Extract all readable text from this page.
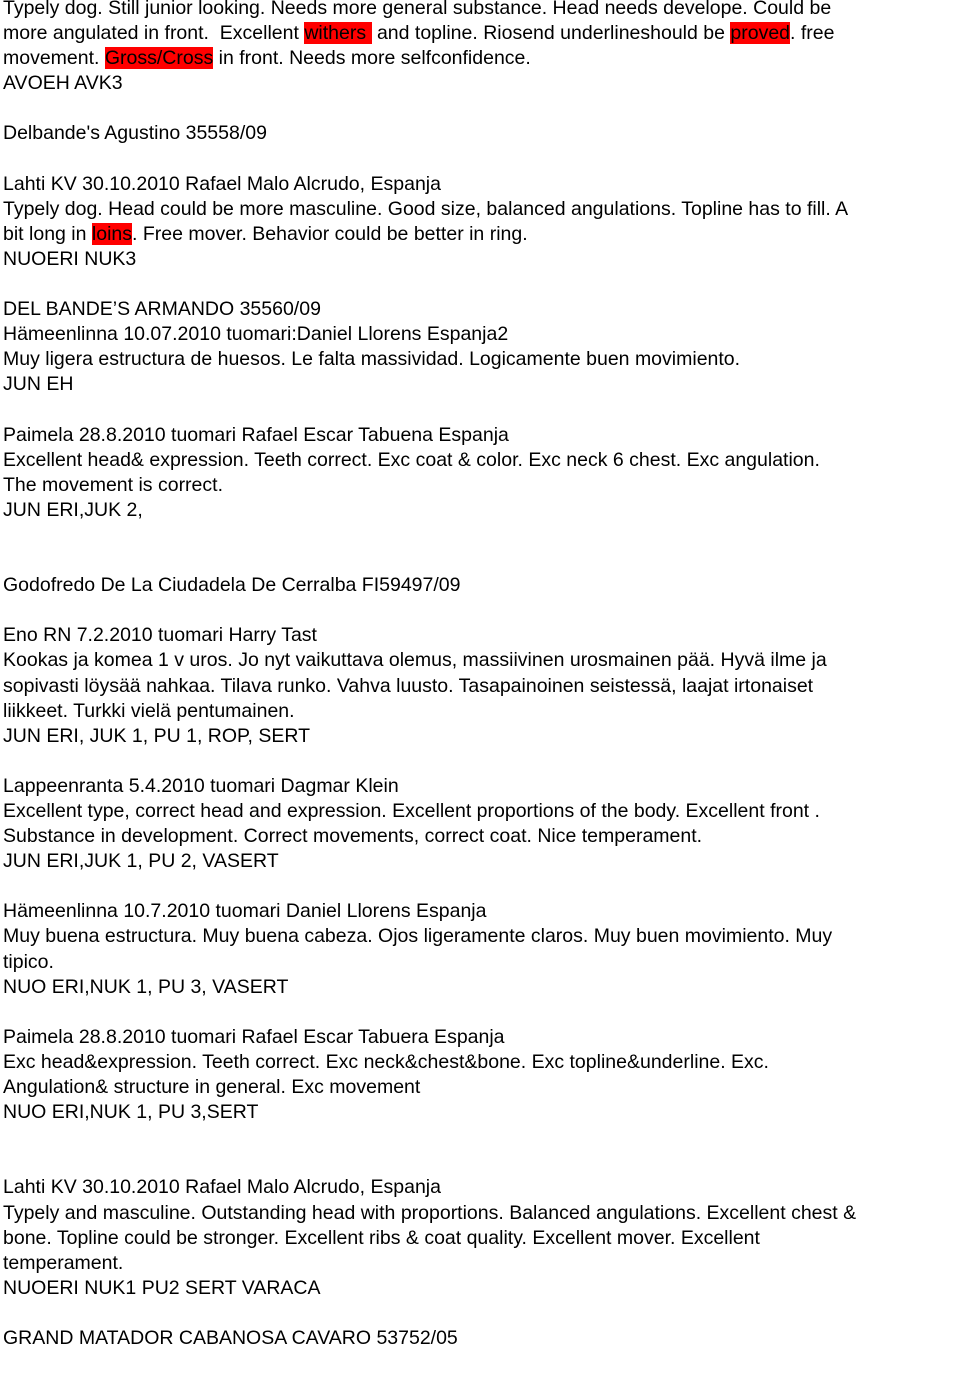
Typely dog. Still junior looking. Needs more general substance. Head needs develope. Could be
more angulated in front.  Excellent withers  and topline. Riosend underlineshould be proved. free
movement. Gross/Cross in front. Needs more selfconfidence.
AVOEH AVK3
Delbande's Agustino 35558/09
Lahti KV 30.10.2010 Rafael Malo Alcrudo, Espanja
Typely dog. Head could be more masculine. Good size, balanced angulations. Topline has to fill. A
bit long in loins. Free mover. Behavior could be better in ring.
NUOERI NUK3
DEL BANDE’S ARMANDO 35560/09
Hämeenlinna 10.07.2010 tuomari:Daniel Llorens Espanja2
Muy ligera estructura de huesos. Le falta massividad. Logicamente buen movimiento.
JUN EH
Paimela 28.8.2010 tuomari Rafael Escar Tabuena Espanja
Excellent head& expression. Teeth correct. Exc coat & color. Exc neck 6 chest. Exc angulation.
The movement is correct.
JUN ERI,JUK 2,
Godofredo De La Ciudadela De Cerralba FI59497/09
Eno RN 7.2.2010 tuomari Harry Tast
Kookas ja komea 1 v uros. Jo nyt vaikuttava olemus, massiivinen urosmainen pää. Hyvä ilme ja
sopivasti löysää nahkaa. Tilava runko. Vahva luusto. Tasapainoinen seistessä, laajat irtonaiset
liikkeet. Turkki vielä pentumainen.
JUN ERI, JUK 1, PU 1, ROP, SERT
Lappeenranta 5.4.2010 tuomari Dagmar Klein
Excellent type, correct head and expression. Excellent proportions of the body. Excellent front .
Substance in development. Correct movements, correct coat. Nice temperament.
JUN ERI,JUK 1, PU 2, VASERT
Hämeenlinna 10.7.2010 tuomari Daniel Llorens Espanja
Muy buena estructura. Muy buena cabeza. Ojos ligeramente claros. Muy buen movimiento. Muy
tipico.
NUO ERI,NUK 1, PU 3, VASERT
Paimela 28.8.2010 tuomari Rafael Escar Tabuera Espanja
Exc head&expression. Teeth correct. Exc neck&chest&bone. Exc topline&underline. Exc.
Angulation& structure in general. Exc movement
NUO ERI,NUK 1, PU 3,SERT
Lahti KV 30.10.2010 Rafael Malo Alcrudo, Espanja
Typely and masculine. Outstanding head with proportions. Balanced angulations. Excellent chest &
bone. Topline could be stronger. Excellent ribs & coat quality. Excellent mover. Excellent
temperament.
NUOERI NUK1 PU2 SERT VARACA
GRAND MATADOR CABANOSA CAVARO 53752/05
